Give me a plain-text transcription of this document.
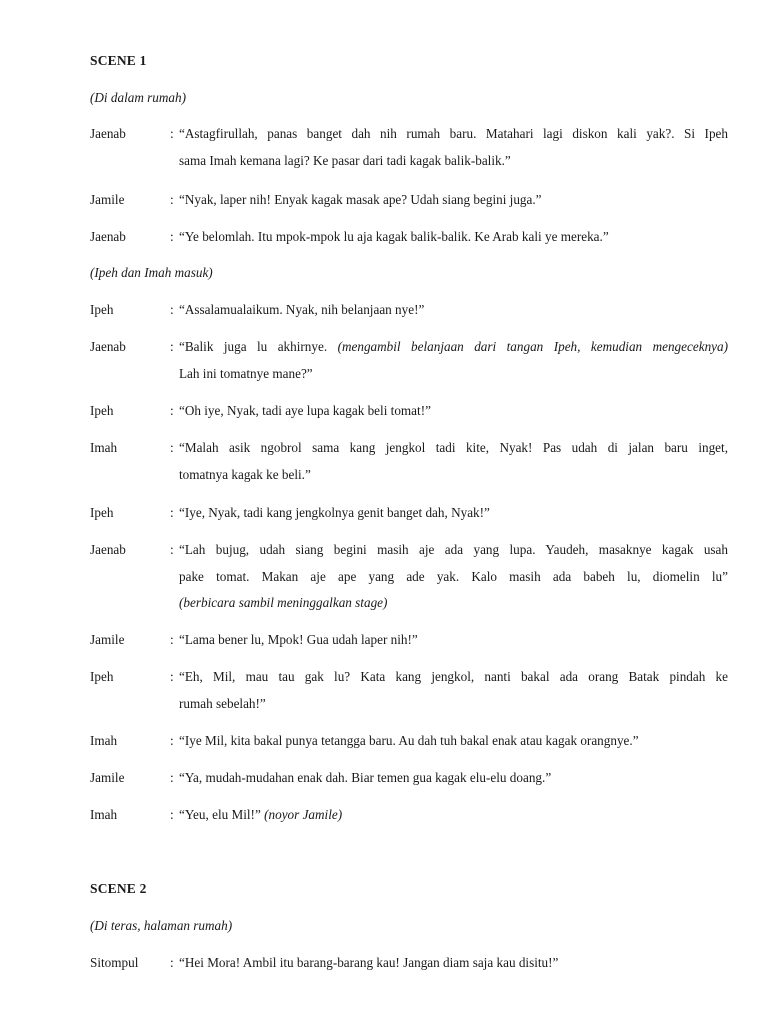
SCENE 1
(Di dalam rumah)
Jaenab	: “Astagfirullah, panas banget dah nih rumah baru. Matahari lagi diskon kali yak?. Si Ipeh
sama Imah kemana lagi? Ke pasar dari tadi kagak balik-balik.”
Jamile	: “Nyak, laper nih! Enyak kagak masak ape? Udah siang begini juga.”
Jaenab	: “Ye belomlah. Itu mpok-mpok lu aja kagak balik-balik. Ke Arab kali ye mereka.”
(Ipeh dan Imah masuk)
Ipeh	: “Assalamualaikum. Nyak, nih belanjaan nye!”
Jaenab	: “Balik juga lu akhirnye. (mengambil belanjaan dari tangan Ipeh, kemudian mengeceknya)
Lah ini tomatnye mane?”
Ipeh	: “Oh iye, Nyak, tadi aye lupa kagak beli tomat!”
Imah	: “Malah asik ngobrol sama kang jengkol tadi kite, Nyak! Pas udah di jalan baru inget,
tomatnya kagak ke beli.”
Ipeh	: “Iye, Nyak, tadi kang jengkolnya genit banget dah, Nyak!”
Jaenab	: “Lah bujug, udah siang begini masih aje ada yang lupa. Yaudeh, masaknye kagak usah
pake tomat. Makan aje ape yang ade yak. Kalo masih ada babeh lu, diomelin lu”
(berbicara sambil meninggalkan stage)
Jamile	: “Lama bener lu, Mpok! Gua udah laper nih!”
Ipeh	: “Eh, Mil, mau tau gak lu? Kata kang jengkol, nanti bakal ada orang Batak pindah ke
rumah sebelah!”
Imah	: “Iye Mil, kita bakal punya tetangga baru. Au dah tuh bakal enak atau kagak orangnye.”
Jamile	: “Ya, mudah-mudahan enak dah. Biar temen gua kagak elu-elu doang.”
Imah	: “Yeu, elu Mil!” (noyor Jamile)
SCENE 2
(Di teras, halaman rumah)
Sitompul : “Hei Mora! Ambil itu barang-barang kau! Jangan diam saja kau disitu!”
